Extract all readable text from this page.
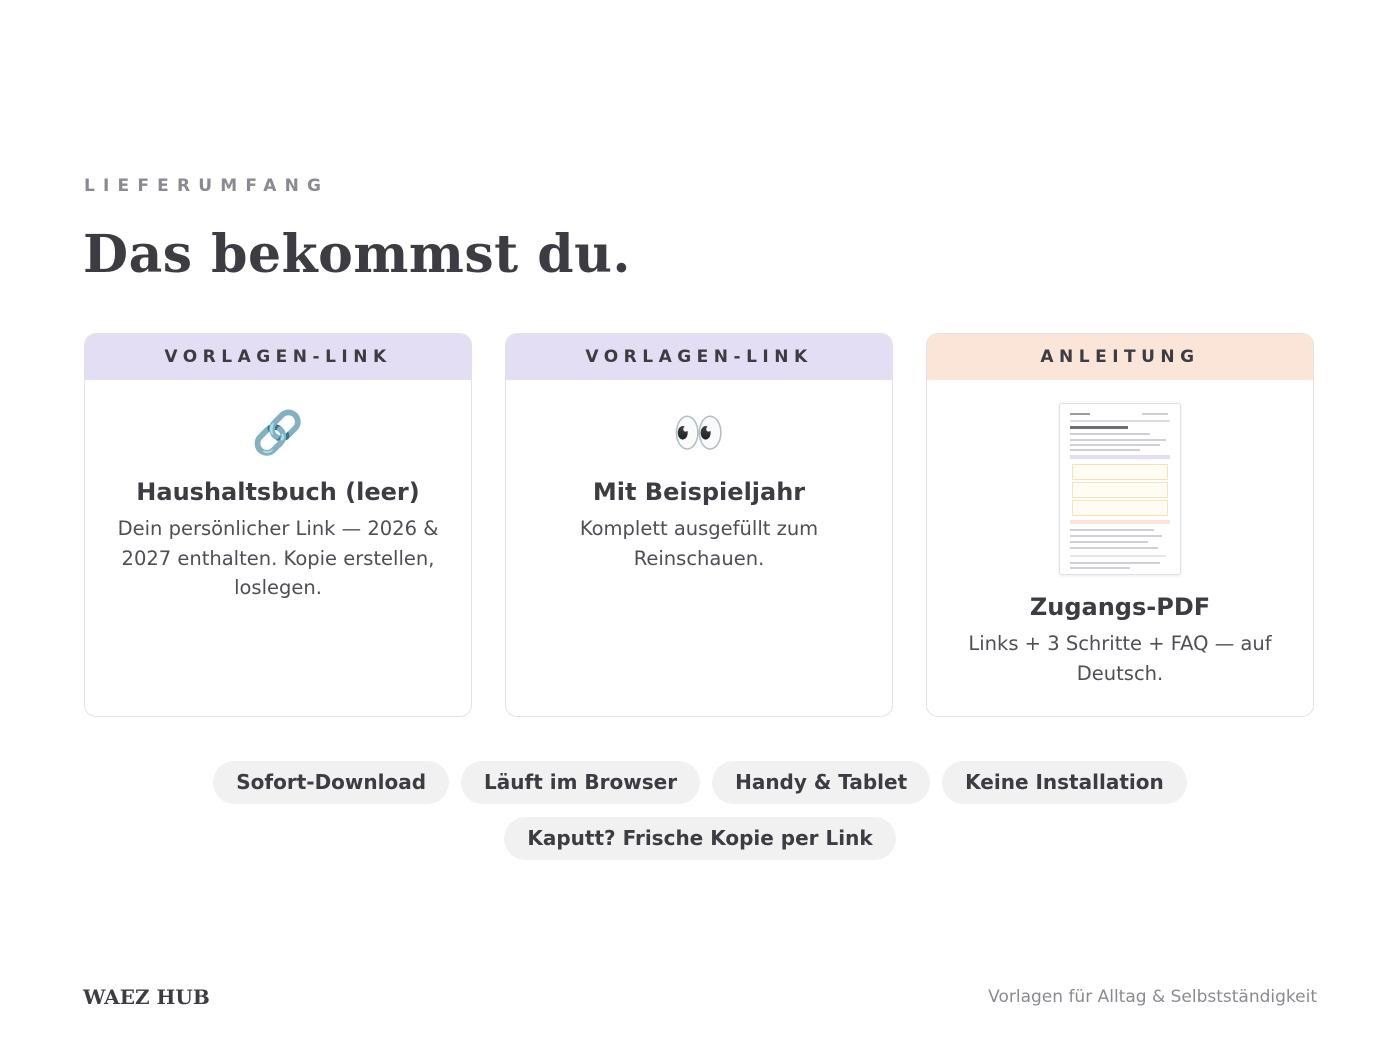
LIEFERUMFANG
Das bekommst du.
VORLAGEN-LINK
🔗
Haushaltsbuch (leer)
Dein persönlicher Link — 2026 & 2027 enthalten. Kopie erstellen, loslegen.
VORLAGEN-LINK
👀
Mit Beispieljahr
Komplett ausgefüllt zum Reinschauen.
ANLEITUNG
Zugangs-PDF
Links + 3 Schritte + FAQ — auf Deutsch.
Sofort-Download	Läuft im Browser	Handy & Tablet	Keine Installation
Kaputt? Frische Kopie per Link
WAEZ HUB	Vorlagen für Alltag & Selbstständigkeit
